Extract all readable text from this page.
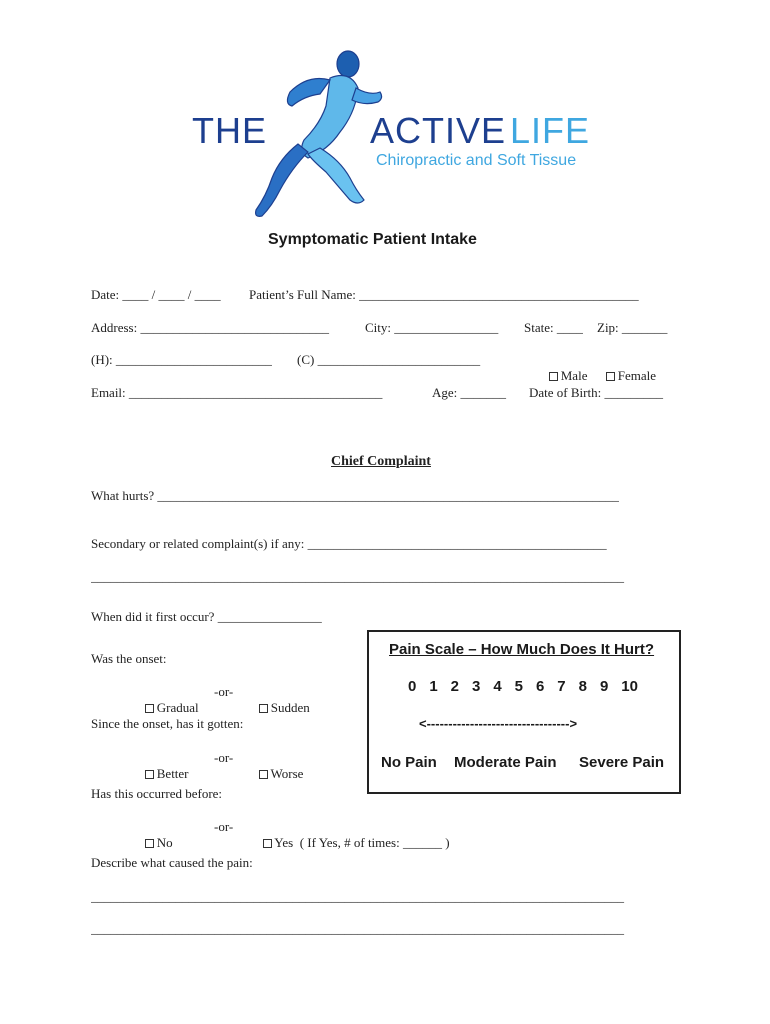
THE	ACTIVE LIFE
Chiropractic and Soft Tissue
Symptomatic Patient Intake
Date: ____ / ____ / ____ Patient’s Full Name: ___________________________________________
Address: _____________________________	City: ________________ State: ____ Zip: _______
(H): ________________________ (C) _________________________

Male	Female

Email: _______________________________________	Age: _______ Date of Birth: _________
Chief Complaint
What hurts? _______________________________________________________________________
Secondary or related complaint(s) if any: ______________________________________________
__________________________________________________________________________________
When did it first occur? ________________
Was the onset:

Gradual

-or-

Sudden

Since the onset, has it gotten:

Better

-or-

Worse

Has this occurred before:

No

-or-

Yes  ( If Yes, # of times: ______ )

Describe what caused the pain:
__________________________________________________________________________________
__________________________________________________________________________________
Pain Scale – How Much Does It Hurt?
0 1 2 3 4 5 6 7 8 9 10
<--------------------------------->
No Pain Moderate Pain Severe Pain
